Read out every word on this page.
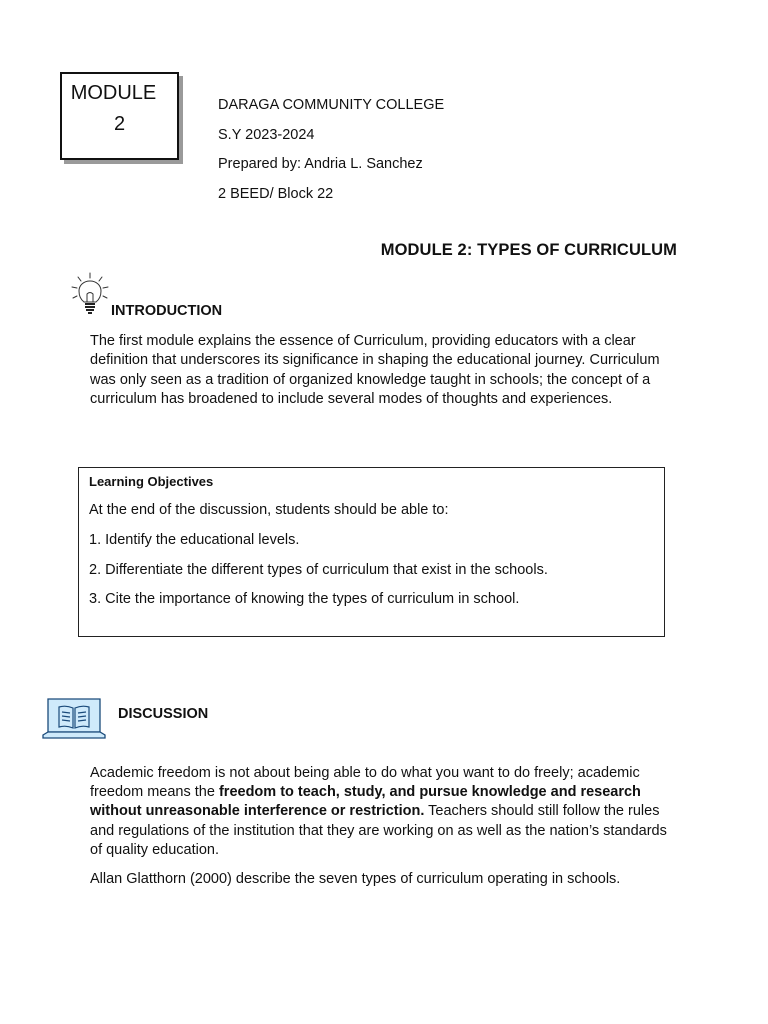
MODULE
2
DARAGA COMMUNITY COLLEGE
S.Y 2023-2024
Prepared by: Andria L. Sanchez
2 BEED/ Block 22
MODULE 2: TYPES OF CURRICULUM
INTRODUCTION

The first module explains the essence of Curriculum, providing educators with a clear definition that underscores its significance in shaping the educational journey. Curriculum was only seen as a tradition of organized knowledge taught in schools; the concept of a curriculum has broadened to include several modes of thoughts and experiences.

Learning Objectives
At the end of the discussion, students should be able to:
1. Identify the educational levels.
2. Differentiate the different types of curriculum that exist in the schools.
3. Cite the importance of knowing the types of curriculum in school.
DISCUSSION

Academic freedom is not about being able to do what you want to do freely; academic freedom means the freedom to teach, study, and pursue knowledge and research without unreasonable interference or restriction. Teachers should still follow the rules and regulations of the institution that they are working on as well as the nation’s standards of quality education.

Allan Glatthorn (2000) describe the seven types of curriculum operating in schools.
